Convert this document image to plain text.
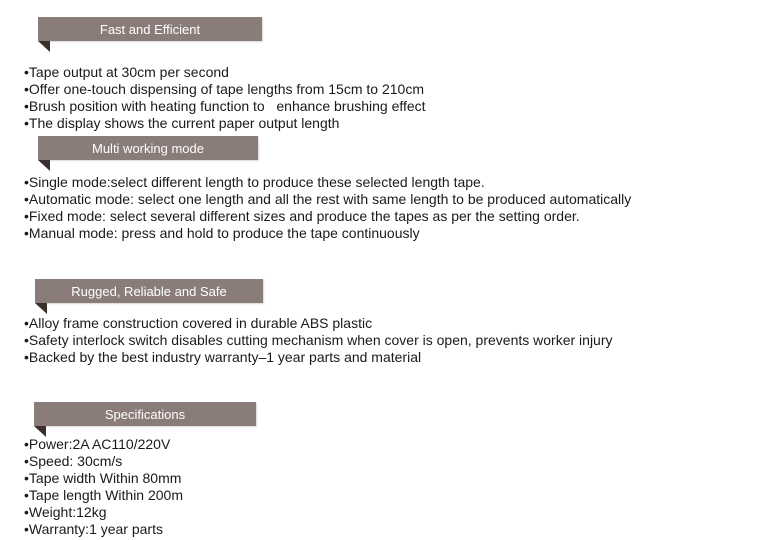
Fast and Efficient
• Tape output at 30cm per second
• Offer one-touch dispensing of tape lengths from 15cm to 210cm
• Brush position with heating function to   enhance brushing effect
• The display shows the current paper output length
Multi working mode
• Single mode:select different length to produce these selected length tape.
• Automatic mode: select one length and all the rest with same length to be produced automatically
• Fixed mode: select several different sizes and produce the tapes as per the setting order.
• Manual mode: press and hold to produce the tape continuously
Rugged, Reliable and Safe
• Alloy frame construction covered in durable ABS plastic
• Safety interlock switch disables cutting mechanism when cover is open, prevents worker injury
• Backed by the best industry warranty–1 year parts and material
Specifications
• Power:2A AC110/220V
• Speed: 30cm/s
• Tape width Within 80mm
• Tape length Within 200m
• Weight:12kg
• Warranty:1 year parts
